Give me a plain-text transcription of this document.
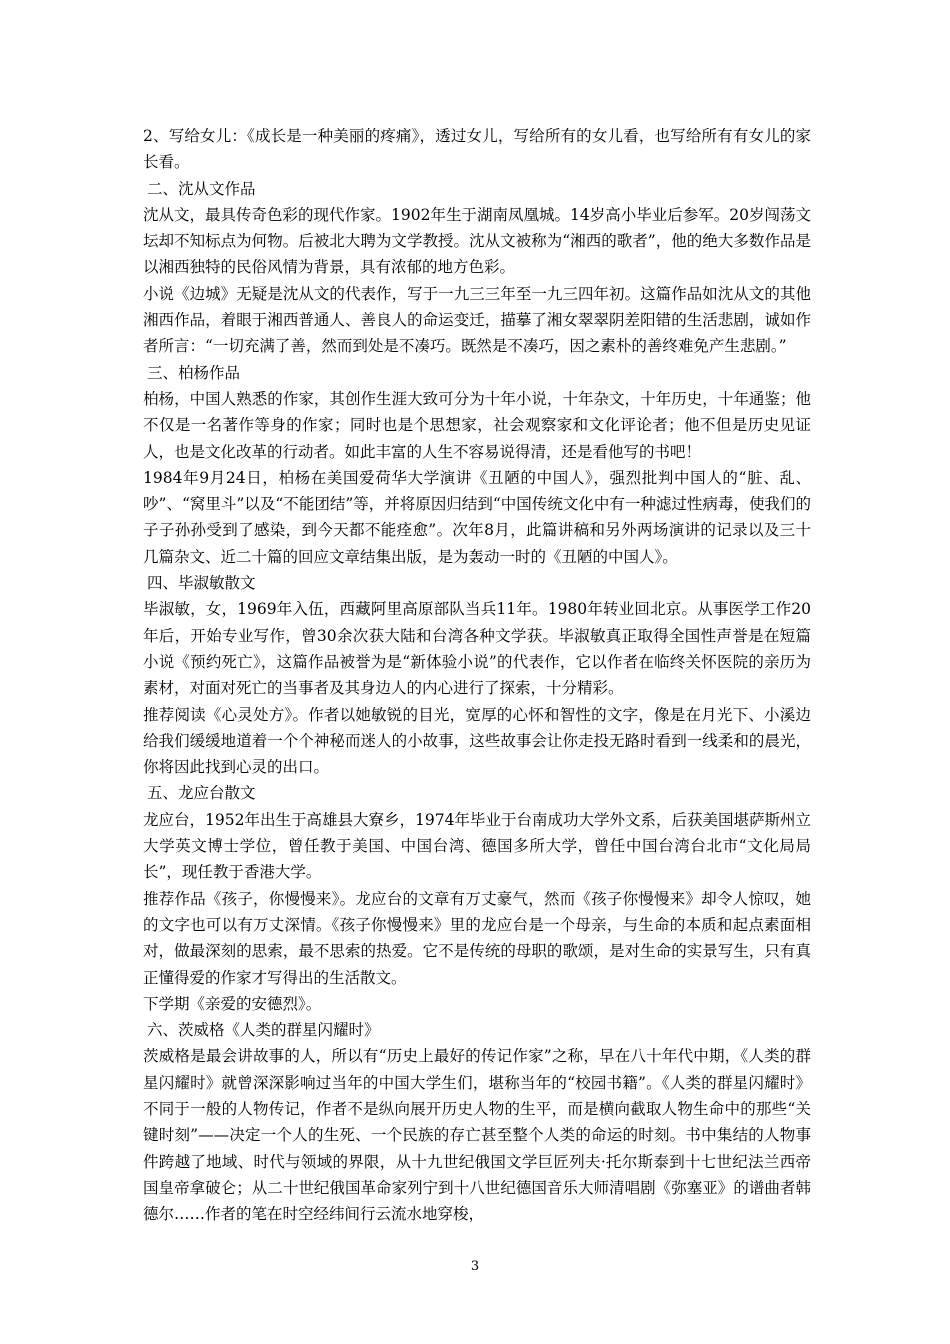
2、写给女儿：《成长是一种美丽的疼痛》，透过女儿，写给所有的女儿看，也写给所有有女儿的家长看。

二、沈从文作品

沈从文，最具传奇色彩的现代作家。1902年生于湖南凤凰城。14岁高小毕业后参军。20岁闯荡文坛却不知标点为何物。后被北大聘为文学教授。沈从文被称为“湘西的歌者”，他的绝大多数作品是以湘西独特的民俗风情为背景，具有浓郁的地方色彩。

小说《边城》无疑是沈从文的代表作，写于一九三三年至一九三四年初。这篇作品如沈从文的其他湘西作品，着眼于湘西普通人、善良人的命运变迁，描摹了湘女翠翠阴差阳错的生活悲剧，诚如作者所言：“一切充满了善，然而到处是不凑巧。既然是不凑巧，因之素朴的善终难免产生悲剧。”

三、柏杨作品

柏杨，中国人熟悉的作家，其创作生涯大致可分为十年小说，十年杂文，十年历史，十年通鉴；他不仅是一名著作等身的作家；同时也是个思想家，社会观察家和文化评论者；他不但是历史见证人，也是文化改革的行动者。如此丰富的人生不容易说得清，还是看他写的书吧！

1984年9月24日，柏杨在美国爱荷华大学演讲《丑陋的中国人》，强烈批判中国人的“脏、乱、吵”、“窝里斗”以及“不能团结”等，并将原因归结到“中国传统文化中有一种滤过性病毒，使我们的子子孙孙受到了感染，到今天都不能痊愈”。次年8月，此篇讲稿和另外两场演讲的记录以及三十几篇杂文、近二十篇的回应文章结集出版，是为轰动一时的《丑陋的中国人》。

四、毕淑敏散文

毕淑敏，女，1969年入伍，西藏阿里高原部队当兵11年。1980年转业回北京。从事医学工作20年后，开始专业写作，曾30余次获大陆和台湾各种文学获。毕淑敏真正取得全国性声誉是在短篇小说《预约死亡》，这篇作品被誉为是“新体验小说”的代表作，它以作者在临终关怀医院的亲历为素材，对面对死亡的当事者及其身边人的内心进行了探索，十分精彩。

推荐阅读《心灵处方》。作者以她敏锐的目光，宽厚的心怀和智性的文字，像是在月光下、小溪边给我们缓缓地道着一个个神秘而迷人的小故事，这些故事会让你走投无路时看到一线柔和的晨光，你将因此找到心灵的出口。

五、龙应台散文

龙应台，1952年出生于高雄县大寮乡，1974年毕业于台南成功大学外文系，后获美国堪萨斯州立大学英文博士学位，曾任教于美国、中国台湾、德国多所大学，曾任中国台湾台北市“文化局局长”，现任教于香港大学。

推荐作品《孩子，你慢慢来》。龙应台的文章有万丈豪气，然而《孩子你慢慢来》却令人惊叹，她的文字也可以有万丈深情。《孩子你慢慢来》里的龙应台是一个母亲，与生命的本质和起点素面相对，做最深刻的思索，最不思索的热爱。它不是传统的母职的歌颂，是对生命的实景写生，只有真正懂得爱的作家才写得出的生活散文。

下学期《亲爱的安德烈》。

六、茨威格《人类的群星闪耀时》

茨威格是最会讲故事的人，所以有“历史上最好的传记作家”之称，早在八十年代中期，《人类的群星闪耀时》就曾深深影响过当年的中国大学生们，堪称当年的“校园书籍”。《人类的群星闪耀时》不同于一般的人物传记，作者不是纵向展开历史人物的生平，而是横向截取人物生命中的那些“关键时刻”——决定一个人的生死、一个民族的存亡甚至整个人类的命运的时刻。书中集结的人物事件跨越了地域、时代与领域的界限，从十九世纪俄国文学巨匠列夫·托尔斯泰到十七世纪法兰西帝国皇帝拿破仑；从二十世纪俄国革命家列宁到十八世纪德国音乐大师清唱剧《弥塞亚》的谱曲者韩德尔……作者的笔在时空经纬间行云流水地穿梭，

3
